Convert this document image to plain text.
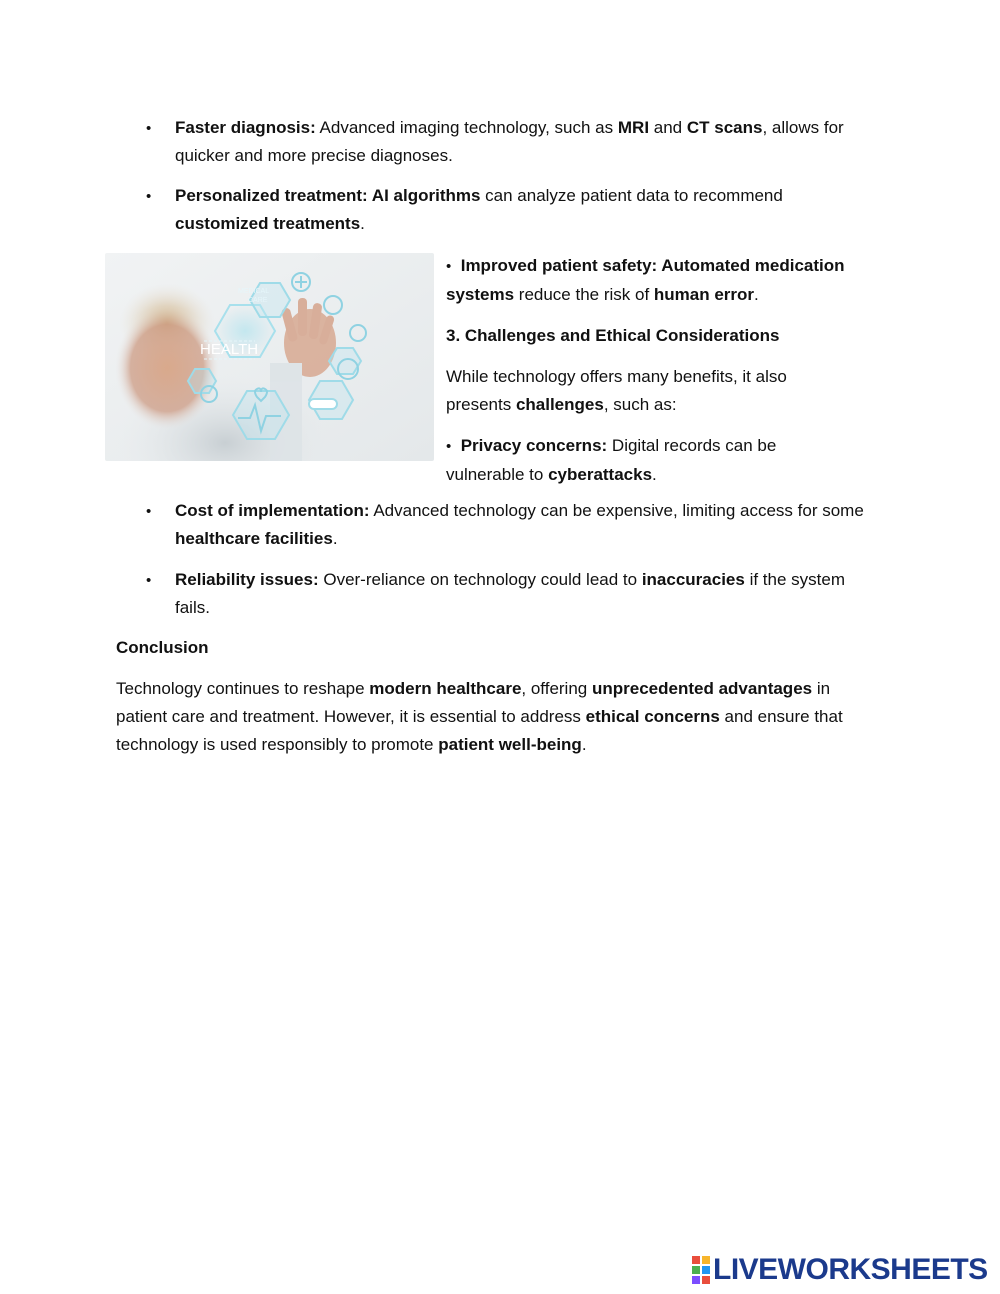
• Faster diagnosis: Advanced imaging technology, such as MRI and CT scans, allows for quicker and more precise diagnoses.

• Personalized treatment: AI algorithms can analyze patient data to recommend customized treatments.

HEALTH
MEDICAL
CARE

• Improved patient safety: Automated medication systems reduce the risk of human error.

3. Challenges and Ethical Considerations

While technology offers many benefits, it also presents challenges, such as:

• Privacy concerns: Digital records can be vulnerable to cyberattacks.

• Cost of implementation: Advanced technology can be expensive, limiting access for some healthcare facilities.

• Reliability issues: Over-reliance on technology could lead to inaccuracies if the system fails.

Conclusion

Technology continues to reshape modern healthcare, offering unprecedented advantages in patient care and treatment. However, it is essential to address ethical concerns and ensure that technology is used responsibly to promote patient well-being.

LIVEWORKSHEETS
